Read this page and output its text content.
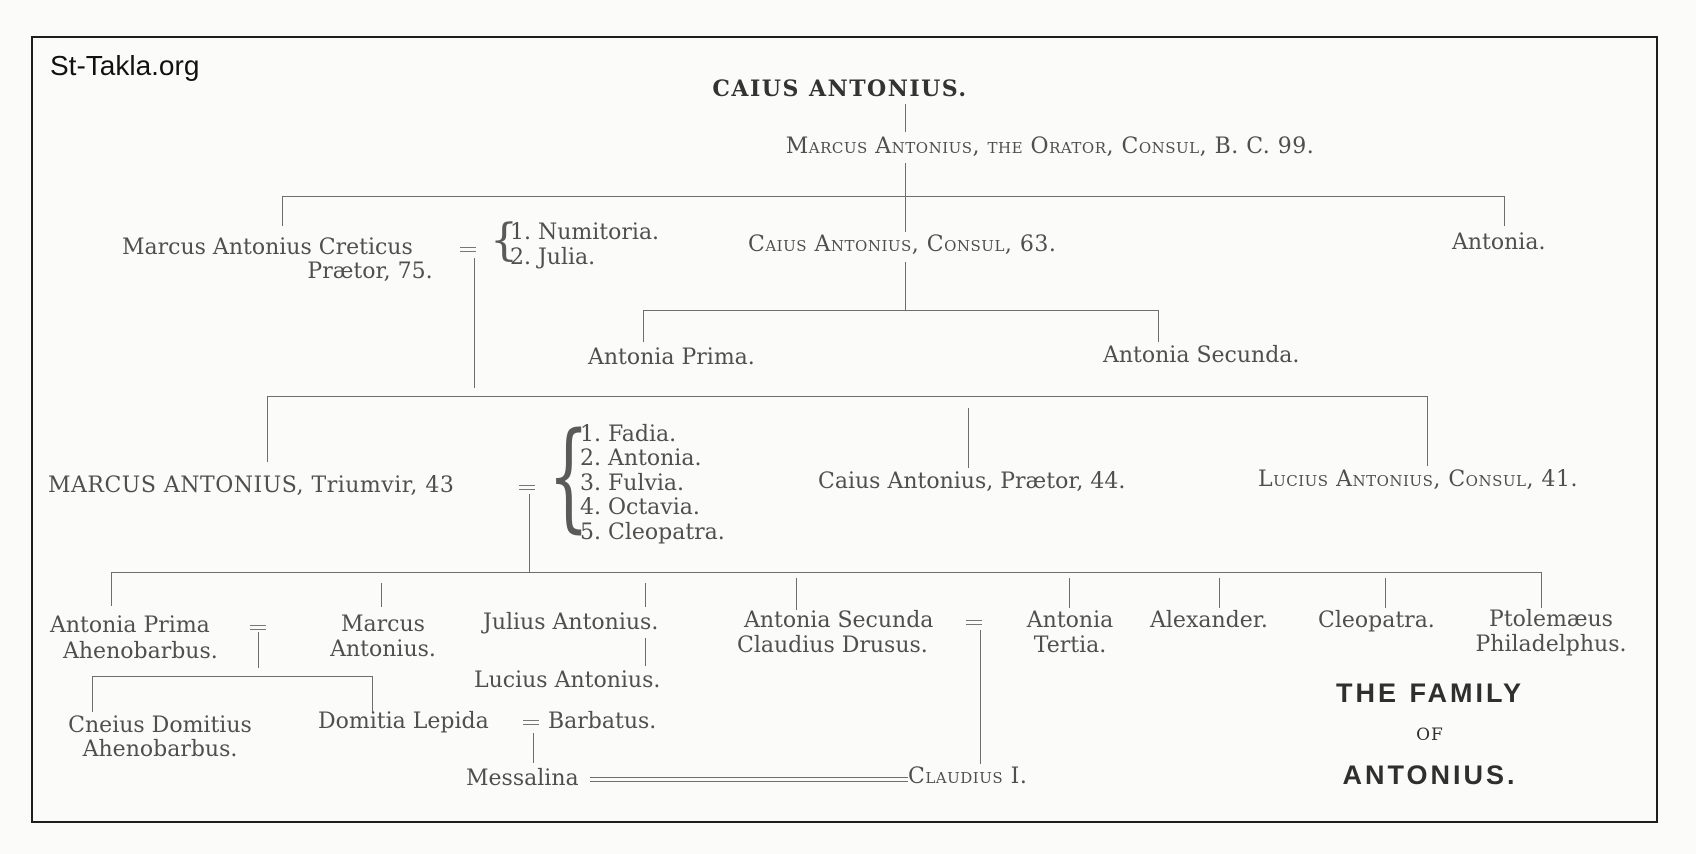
St-Takla.org
CAIUS ANTONIUS.
Marcus Antonius, the Orator, Consul, B. C. 99.
Marcus Antonius Creticus
Prætor, 75.
{
1. Numitoria.
2. Julia.
Caius Antonius, Consul, 63.	Antonia.
Antonia Prima.	Antonia Secunda.
MARCUS ANTONIUS, Triumvir, 43 {
1. Fadia.
2. Antonia.
3. Fulvia.
4. Octavia.
5. Cleopatra.
Caius Antonius, Prætor, 44.	Lucius Antonius, Consul, 41.
Antonia Prima
Ahenobarbus.
Marcus
Antonius.
Julius Antonius.
Lucius Antonius.
Antonia Secunda
Claudius Drusus.
Antonia
Tertia.
Alexander. Cleopatra.	Ptolemæus
Philadelphus.
Cneius Domitius
Ahenobarbus.
Domitia Lepida	Barbatus.
Messalina	Claudius I.
THE FAMILY
OF
ANTONIUS.
